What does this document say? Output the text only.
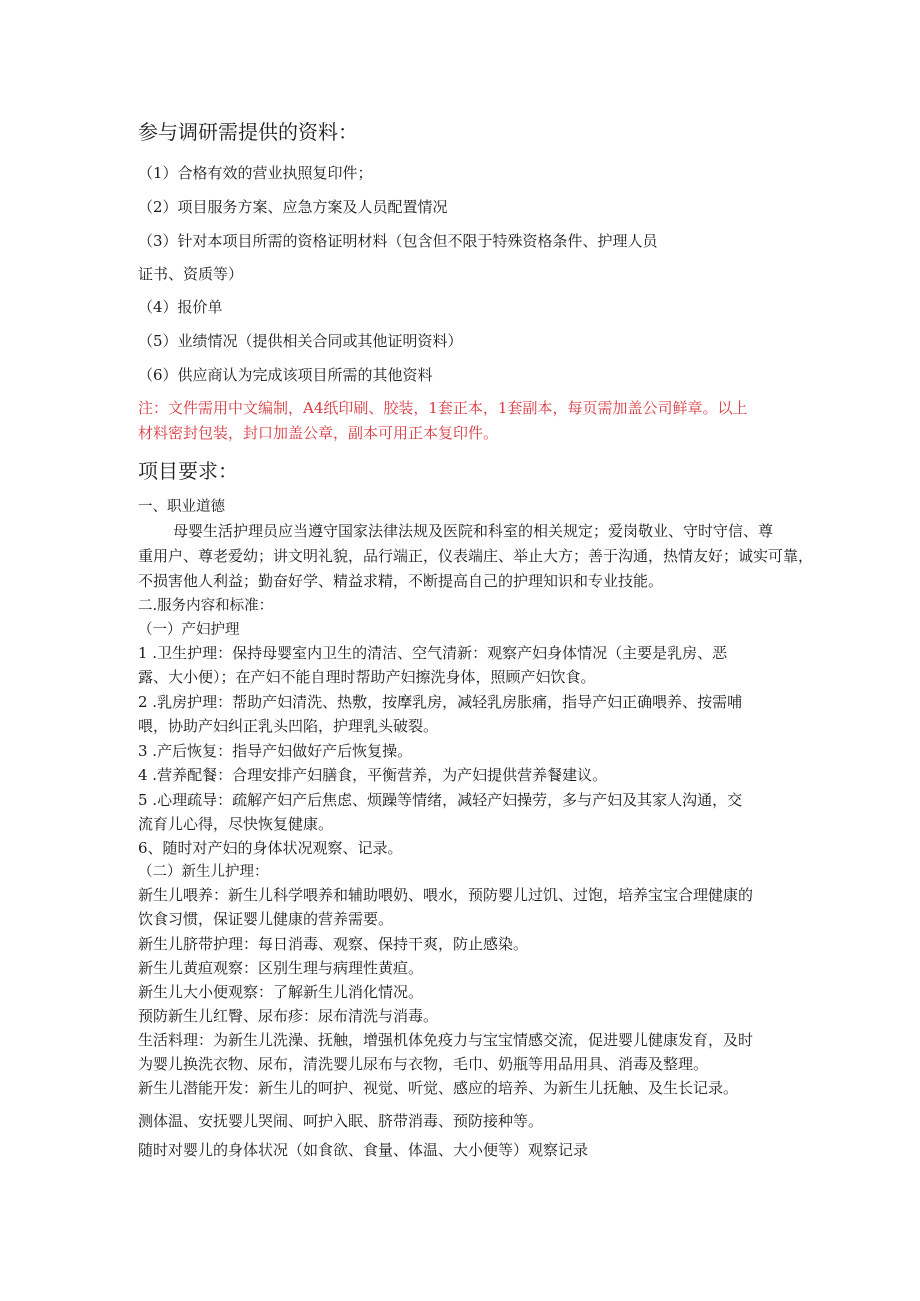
参与调研需提供的资料：
（1）合格有效的营业执照复印件；
（2）项目服务方案、应急方案及人员配置情况
（3）针对本项目所需的资格证明材料（包含但不限于特殊资格条件、护理人员
证书、资质等）
（4）报价单
（5）业绩情况（提供相关合同或其他证明资料）
（6）供应商认为完成该项目所需的其他资料
注：文件需用中文编制，A4纸印刷、胶装，1套正本，1套副本，每页需加盖公司鲜章。以上
材料密封包装，封口加盖公章，副本可用正本复印件。
项目要求：
一、职业道德
母婴生活护理员应当遵守国家法律法规及医院和科室的相关规定；爱岗敬业、守时守信、尊
重用户、尊老爱幼；讲文明礼貌，品行端正，仪表端庄、举止大方；善于沟通，热情友好；诚实可靠，
不损害他人利益；勤奋好学、精益求精，不断提高自己的护理知识和专业技能。
二.服务内容和标准：
（一）产妇护理
1 .卫生护理：保持母婴室内卫生的清洁、空气清新：观察产妇身体情况（主要是乳房、恶
露、大小便）；在产妇不能自理时帮助产妇擦洗身体，照顾产妇饮食。
2 .乳房护理：帮助产妇清洗、热敷，按摩乳房，减轻乳房胀痛，指导产妇正确喂养、按需哺
喂，协助产妇纠正乳头凹陷，护理乳头破裂。
3 .产后恢复：指导产妇做好产后恢复操。
4 .营养配餐：合理安排产妇膳食，平衡营养，为产妇提供营养餐建议。
5 .心理疏导：疏解产妇产后焦虑、烦躁等情绪，减轻产妇操劳，多与产妇及其家人沟通，交
流育儿心得，尽快恢复健康。
6、随时对产妇的身体状况观察、记录。
（二）新生儿护理：
新生儿喂养：新生儿科学喂养和辅助喂奶、喂水，预防婴儿过饥、过饱，培养宝宝合理健康的
饮食习惯，保证婴儿健康的营养需要。
新生儿脐带护理：每日消毒、观察、保持干爽，防止感染。
新生儿黄疸观察：区别生理与病理性黄疸。
新生儿大小便观察：了解新生儿消化情况。
预防新生儿红臀、尿布疹：尿布清洗与消毒。
生活料理：为新生儿洗澡、抚触，增强机体免疫力与宝宝情感交流，促进婴儿健康发育，及时
为婴儿换洗衣物、尿布，清洗婴儿尿布与衣物，毛巾、奶瓶等用品用具、消毒及整理。
新生儿潜能开发：新生儿的呵护、视觉、听觉、感应的培养、为新生儿抚触、及生长记录。
测体温、安抚婴儿哭闹、呵护入眠、脐带消毒、预防接种等。
随时对婴儿的身体状况（如食欲、食量、体温、大小便等）观察记录
